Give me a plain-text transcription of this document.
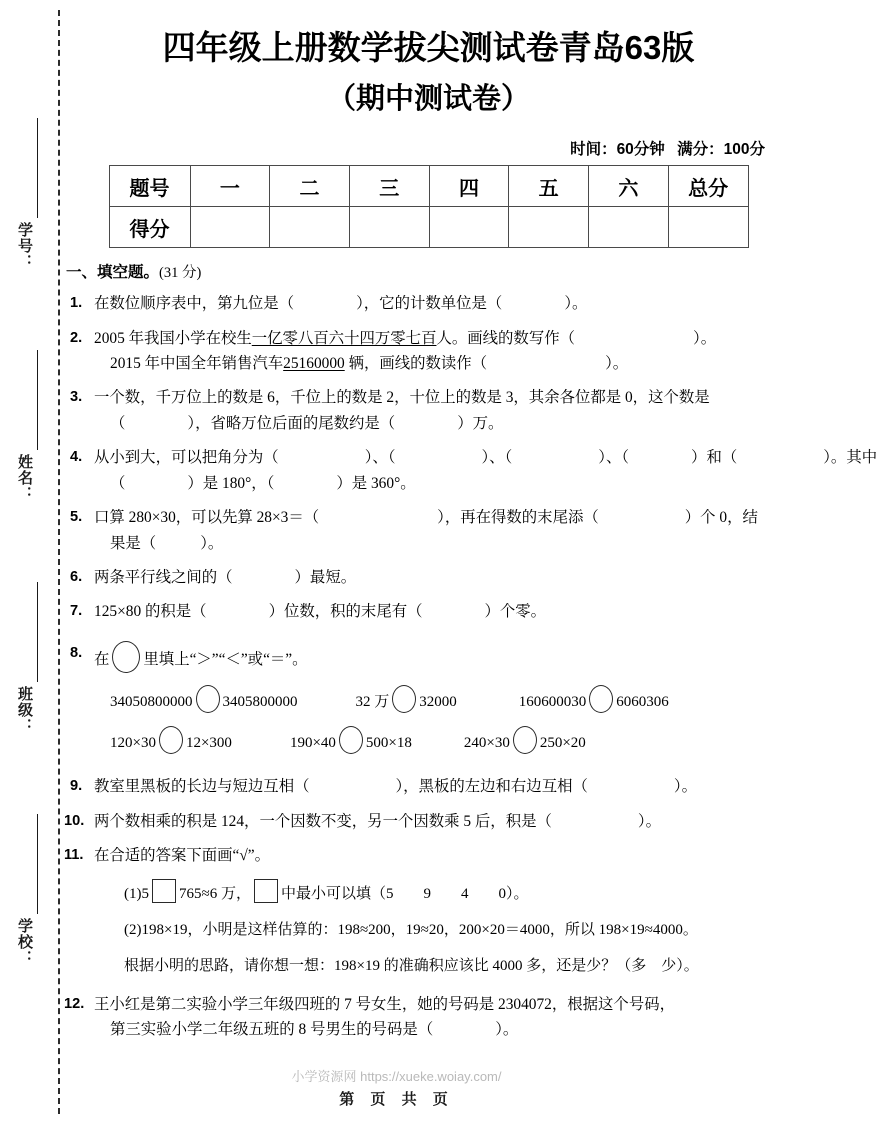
学号：
姓名：
班级：
学校：
四年级上册数学拔尖测试卷青岛63版
（期中测试卷）
时间：60分钟 满分：100分
题号	一	二	三	四	五	六	总分
得分							
一、填空题。(31 分)
1. 在数位顺序表中，第九位是（	），它的计数单位是（	）。
2. 2005 年我国小学在校生一亿零八百六十四万零七百人。画线的数写作（	）。
2015 年中国全年销售汽车25160000 辆，画线的数读作（	）。
3. 一个数，千万位上的数是 6，千位上的数是 2，十位上的数是 3，其余各位都是 0，这个数是
（	），省略万位后面的尾数约是（	）万。
4. 从小到大，可以把角分为（	）、（	）、（	）、（	）和（	）。其中
（	）是 180°，（	）是 360°。
5. 口算 280×30，可以先算 28×3＝（	），再在得数的末尾添（	）个 0，结
果是（	）。
6. 两条平行线之间的（	）最短。
7. 125×80 的积是（	）位数，积的末尾有（	）个零。
8. 在 里填上“＞”“＜”或“＝”。
34050800000 3405800000	32 万 32000	160600030 6060306
120×30 12×300	190×40 500×18	240×30 250×20
9. 教室里黑板的长边与短边互相（	），黑板的左边和右边互相（	）。
10. 两个数相乘的积是 124，一个因数不变，另一个因数乘 5 后，积是（	）。
11. 在合适的答案下面画“√”。
(1)5 765≈6 万， 中最小可以填（5 9 4 0）。
(2)198×19，小明是这样估算的：198≈200，19≈20，200×20＝4000，所以 198×19≈4000。
根据小明的思路，请你想一想：198×19 的准确积应该比 4000 多，还是少？（多　少）。
12. 王小红是第二实验小学三年级四班的 7 号女生，她的号码是 2304072，根据这个号码，
第三实验小学二年级五班的 8 号男生的号码是（	）。
小学资源网 https://xueke.woiay.com/
第 页 共 页
